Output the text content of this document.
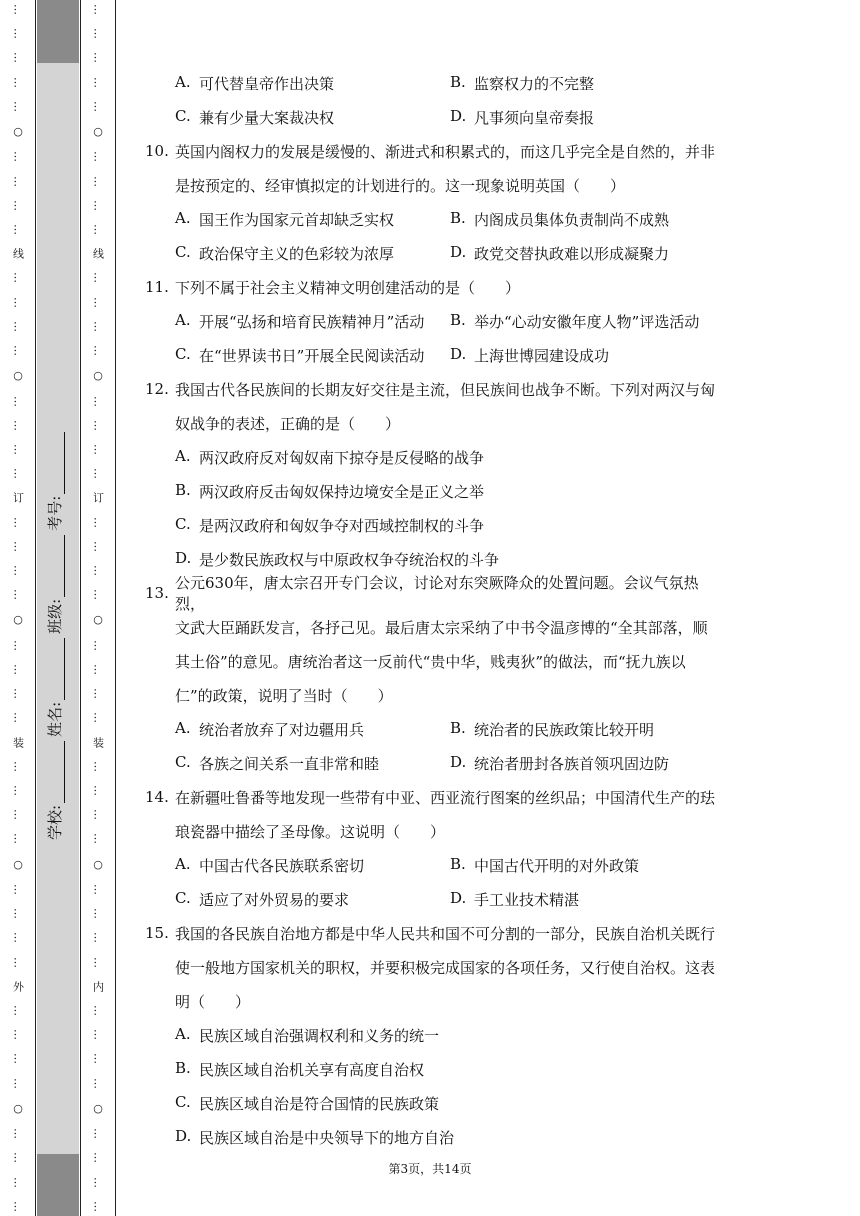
…
…
…
…
…
○
…
…
…
…
线
…
…
…
…
○
…
…
…
…
订
…
…
…
…
○
…
…
…
…
装
…
…
…
…
○
…
…
…
…
外
…
…
…
…
○
…
…
…
…
学校:
姓名:
班级:
考号:
…
…
…
…
…
○
…
…
…
…
线
…
…
…
…
○
…
…
…
…
订
…
…
…
…
○
…
…
…
…
装
…
…
…
…
○
…
…
…
…
内
…
…
…
…
○
…
…
…
…
A. 可代替皇帝作出决策	B. 监察权力的不完整
C. 兼有少量大案裁决权	D. 凡事须向皇帝奏报
10. 英国内阁权力的发展是缓慢的、渐进式和积累式的，而这几乎完全是自然的，并非
是按预定的、经审慎拟定的计划进行的。这一现象说明英国（　　）
A. 国王作为国家元首却缺乏实权	B. 内阁成员集体负责制尚不成熟
C. 政治保守主义的色彩较为浓厚	D. 政党交替执政难以形成凝聚力
11. 下列不属于社会主义精神文明创建活动的是（　　）
A. 开展“弘扬和培育民族精神月”活动 B. 举办“心动安徽年度人物”评选活动
C. 在“世界读书日”开展全民阅读活动 D. 上海世博园建设成功
12. 我国古代各民族间的长期友好交往是主流，但民族间也战争不断。下列对两汉与匈
奴战争的表述，正确的是（　　）
A. 两汉政府反对匈奴南下掠夺是反侵略的战争
B. 两汉政府反击匈奴保持边境安全是正义之举
C. 是两汉政府和匈奴争夺对西域控制权的斗争
D. 是少数民族政权与中原政权争夺统治权的斗争
13.
公元630年，唐太宗召开专门会议，讨论对东突厥降众的处置问题。会议气氛热烈，
文武大臣踊跃发言，各抒己见。最后唐太宗采纳了中书令温彦博的“全其部落，顺
其土俗”的意见。唐统治者这一反前代“贵中华，贱夷狄”的做法，而“抚九族以
仁”的政策，说明了当时（　　）
A. 统治者放弃了对边疆用兵	B. 统治者的民族政策比较开明
C. 各族之间关系一直非常和睦	D. 统治者册封各族首领巩固边防
14. 在新疆吐鲁番等地发现一些带有中亚、西亚流行图案的丝织品；中国清代生产的珐
琅瓷器中描绘了圣母像。这说明（　　）
A. 中国古代各民族联系密切	B. 中国古代开明的对外政策
C. 适应了对外贸易的要求	D. 手工业技术精湛
15. 我国的各民族自治地方都是中华人民共和国不可分割的一部分，民族自治机关既行
使一般地方国家机关的职权，并要积极完成国家的各项任务，又行使自治权。这表
明（　　）
A. 民族区域自治强调权利和义务的统一
B. 民族区域自治机关享有高度自治权
C. 民族区域自治是符合国情的民族政策
D. 民族区域自治是中央领导下的地方自治
第3页，共14页
